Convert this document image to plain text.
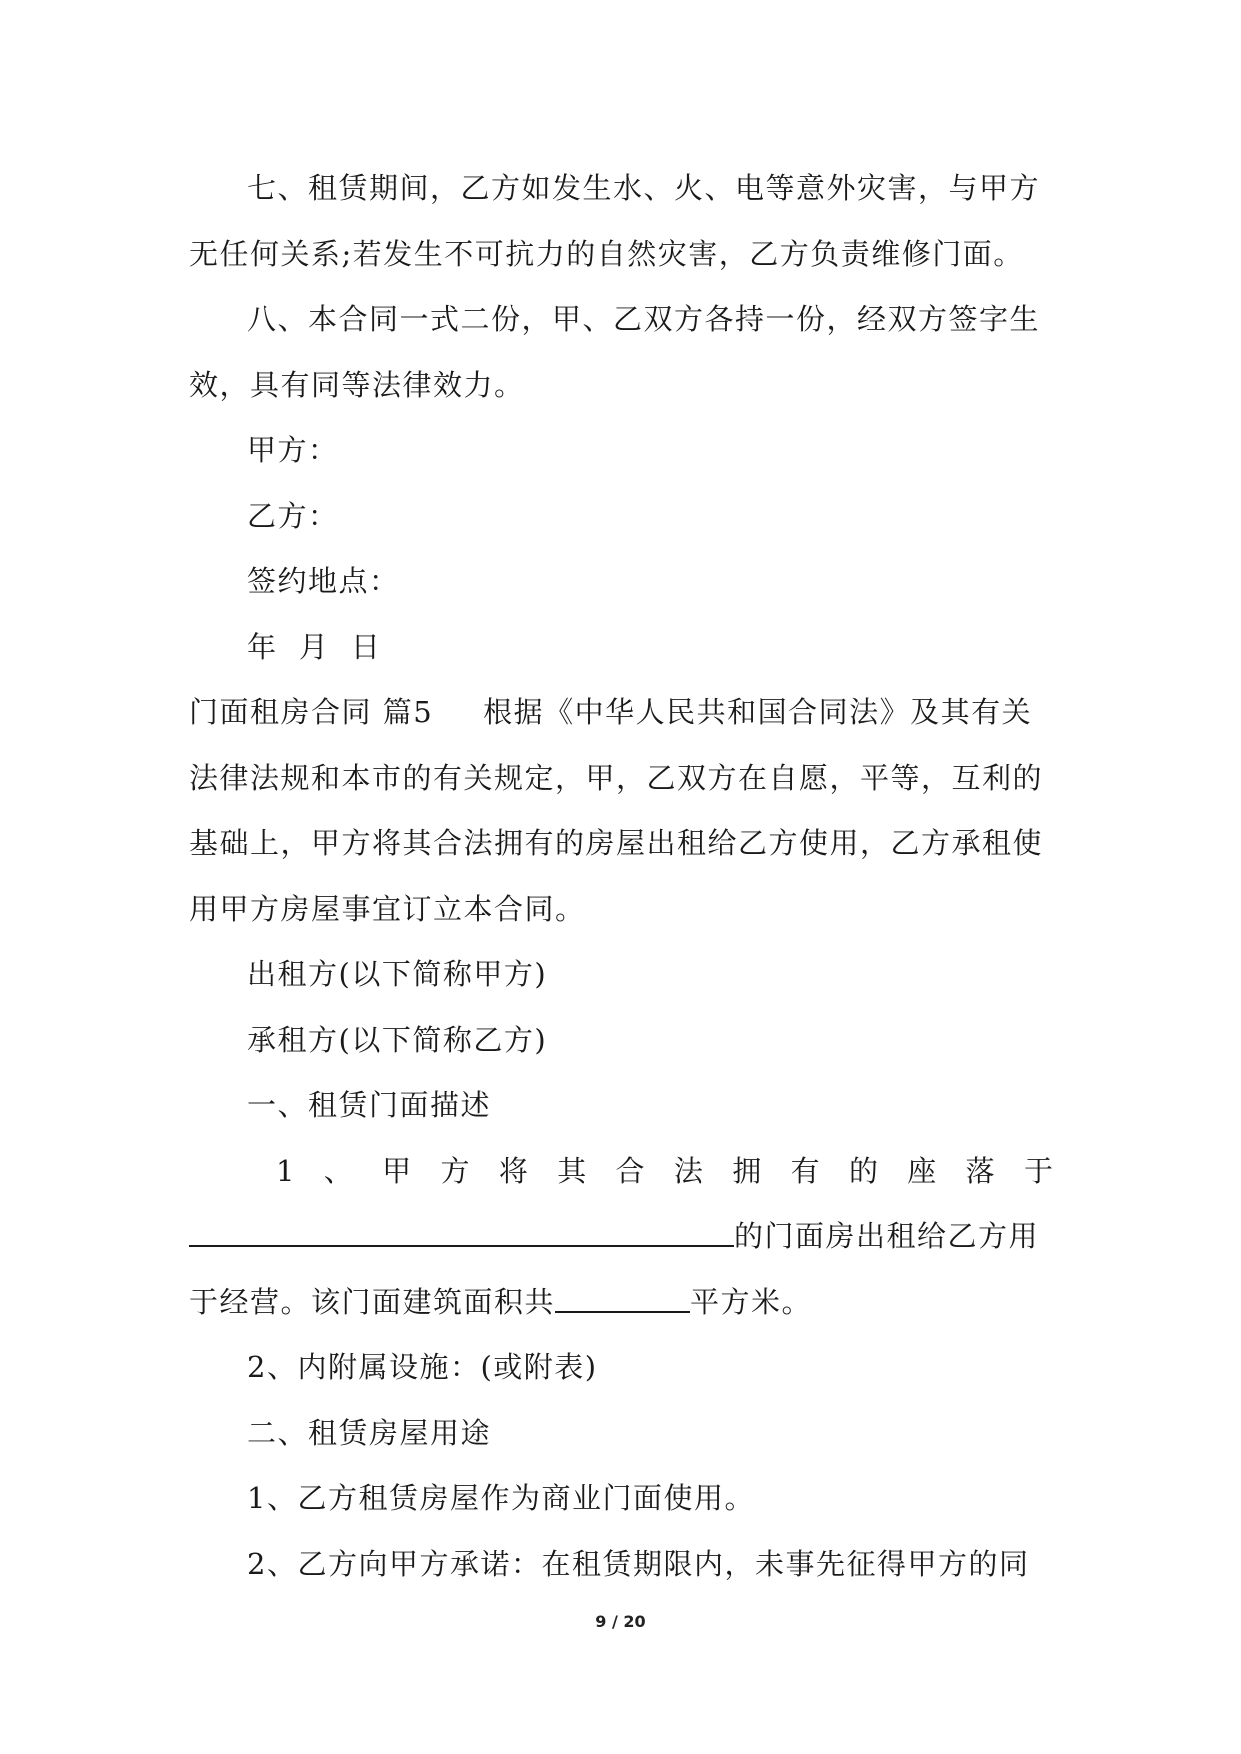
七、租赁期间，乙方如发生水、火、电等意外灾害，与甲方无任何关系;若发生不可抗力的自然灾害，乙方负责维修门面。

八、本合同一式二份，甲、乙双方各持一份，经双方签字生效，具有同等法律效力。

甲方：

乙方：

签约地点：

年  月  日

门面租房合同 篇5 根据《中华人民共和国合同法》及其有关法律法规和本市的有关规定，甲，乙双方在自愿，平等，互利的基础上，甲方将其合法拥有的房屋出租给乙方使用，乙方承租使用甲方房屋事宜订立本合同。

出租方(以下简称甲方)

承租方(以下简称乙方)

一、租赁门面描述

1、甲方将其合法拥有的座落于

的门面房出租给乙方用

于经营。该门面建筑面积共	平方米。

2、内附属设施：(或附表)

二、租赁房屋用途

1、乙方租赁房屋作为商业门面使用。

2、乙方向甲方承诺：在租赁期限内，未事先征得甲方的同

9 / 20
